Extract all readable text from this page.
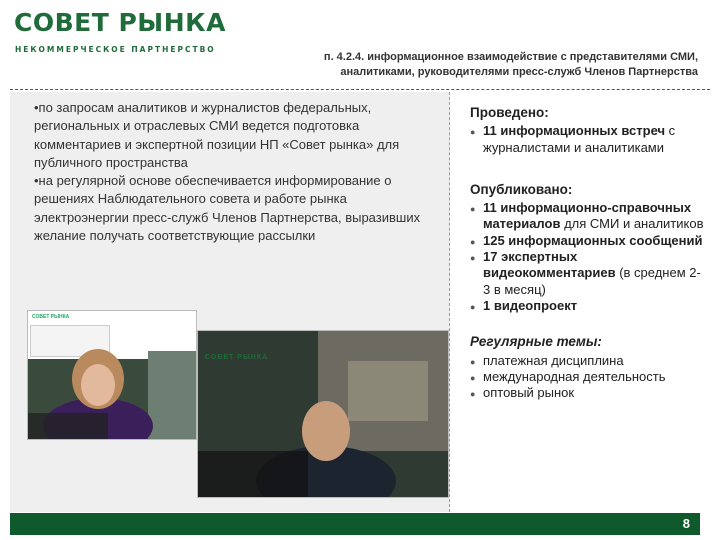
СОВЕТ РЫНКА
НЕКОММЕРЧЕСКОЕ ПАРТНЕРСТВО
п. 4.2.4. информационное взаимодействие с представителями СМИ,
аналитиками, руководителями пресс-служб Членов Партнерства

•по запросам аналитиков и журналистов федеральных, региональных и отраслевых СМИ ведется подготовка комментариев и экспертной позиции НП «Совет рынка» для публичного пространства

•на регулярной основе обеспечивается информирование о решениях Наблюдательного совета и работе рынка электроэнергии пресс-служб Членов Партнерства, выразивших желание получать соответствующие рассылки

СОВЕТ РЫНКА
СОВЕТ РЫНКА
Проведено:
● 11 информационных встреч с журналистами и аналитиками
Опубликовано:
● 11 информационно-справочных материалов для СМИ и аналитиков
● 125 информационных сообщений
● 17 экспертных видеокомментариев (в среднем 2-3 в месяц)
● 1 видеопроект
Регулярные темы:
● платежная дисциплина
● международная деятельность
● оптовый рынок
8
